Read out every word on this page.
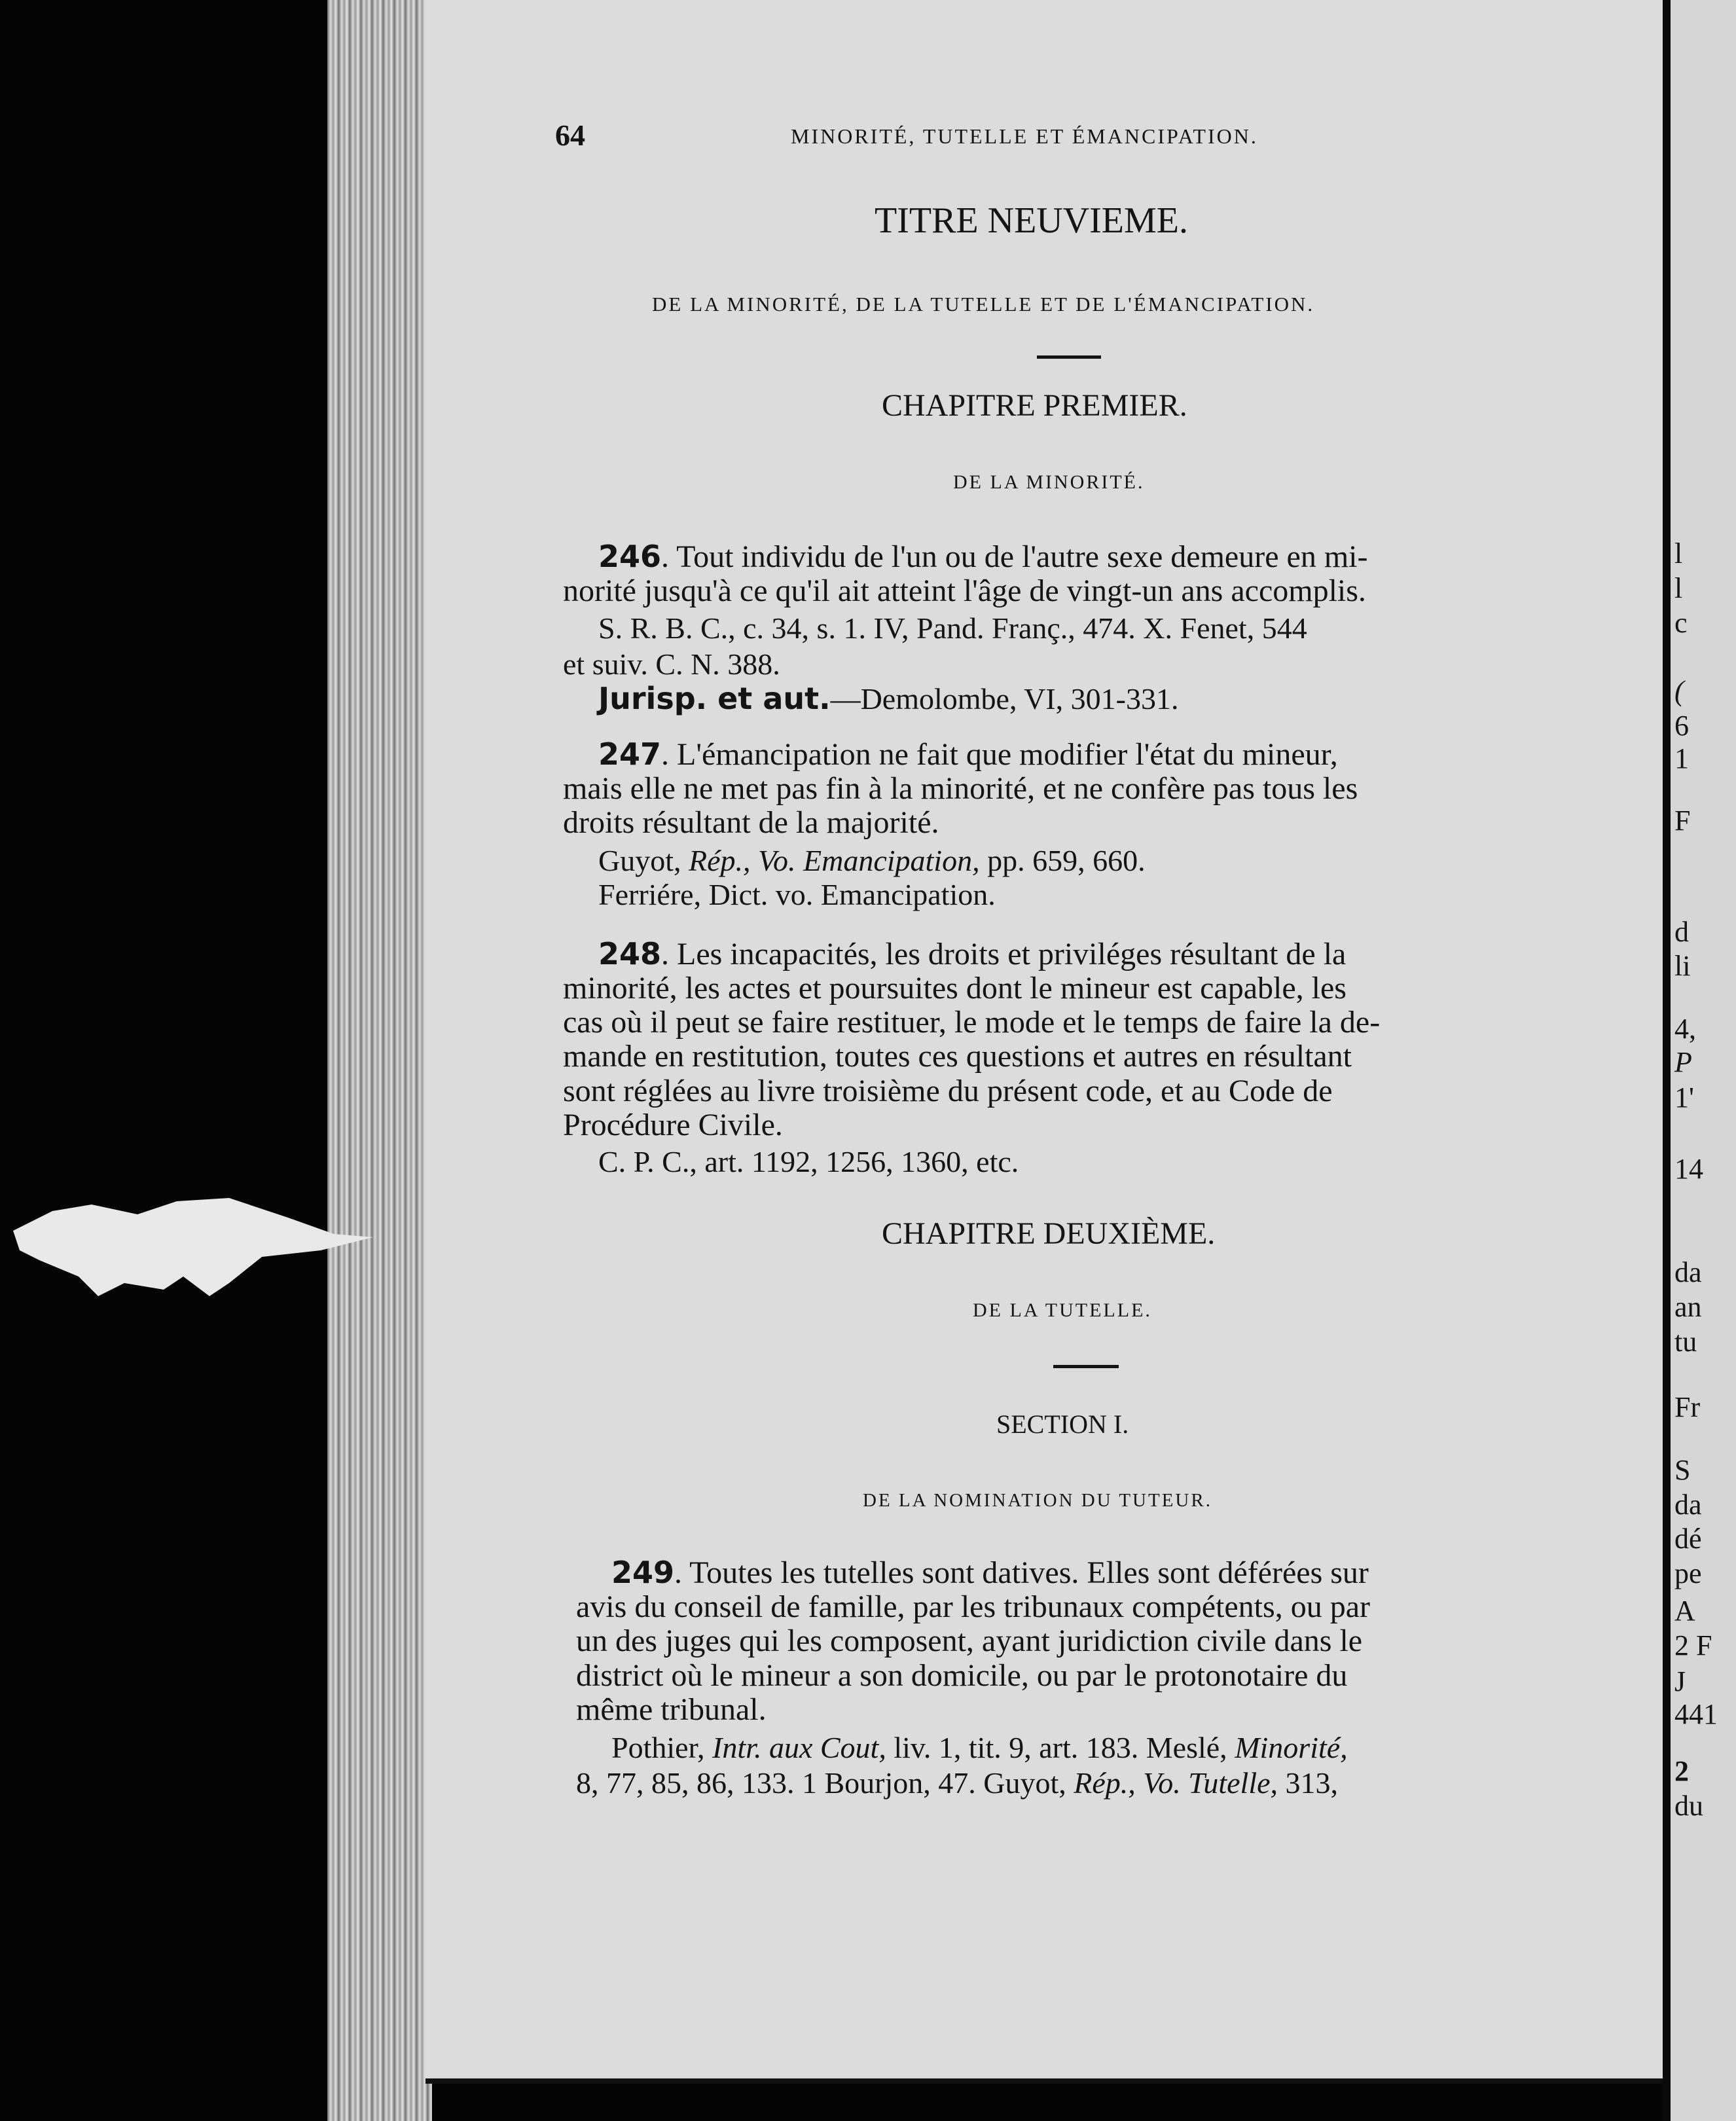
64	MINORITÉ, TUTELLE ET ÉMANCIPATION.
TITRE NEUVIEME.
DE LA MINORITÉ, DE LA TUTELLE ET DE L'ÉMANCIPATION.
CHAPITRE PREMIER.
DE LA MINORITÉ.
246. Tout individu de l'un ou de l'autre sexe demeure en mi-
norité jusqu'à ce qu'il ait atteint l'âge de vingt-un ans accomplis.
S. R. B. C., c. 34, s. 1. IV, Pand. Franç., 474. X. Fenet, 544
et suiv. C. N. 388.
Jurisp. et aut.—Demolombe, VI, 301-331.
247. L'émancipation ne fait que modifier l'état du mineur,
mais elle ne met pas fin à la minorité, et ne confère pas tous les
droits résultant de la majorité.
Guyot, Rép., Vo. Emancipation, pp. 659, 660.
Ferriére, Dict. vo. Emancipation.
248. Les incapacités, les droits et priviléges résultant de la
minorité, les actes et poursuites dont le mineur est capable, les
cas où il peut se faire restituer, le mode et le temps de faire la de-
mande en restitution, toutes ces questions et autres en résultant
sont réglées au livre troisième du présent code, et au Code de
Procédure Civile.
C. P. C., art. 1192, 1256, 1360, etc.
CHAPITRE DEUXIÈME.
DE LA TUTELLE.
SECTION I.
DE LA NOMINATION DU TUTEUR.
249. Toutes les tutelles sont datives. Elles sont déférées sur
avis du conseil de famille, par les tribunaux compétents, ou par
un des juges qui les composent, ayant juridiction civile dans le
district où le mineur a son domicile, ou par le protonotaire du
même tribunal.
Pothier, Intr. aux Cout, liv. 1, tit. 9, art. 183. Meslé, Minorité,
8, 77, 85, 86, 133. 1 Bourjon, 47. Guyot, Rép., Vo. Tutelle, 313,
l
l
c
(
6
1
F
d
li
4,
P
1'
14
da
an
tu
Fr
S
da
dé
pe
A
2 F
J
441
2
du
